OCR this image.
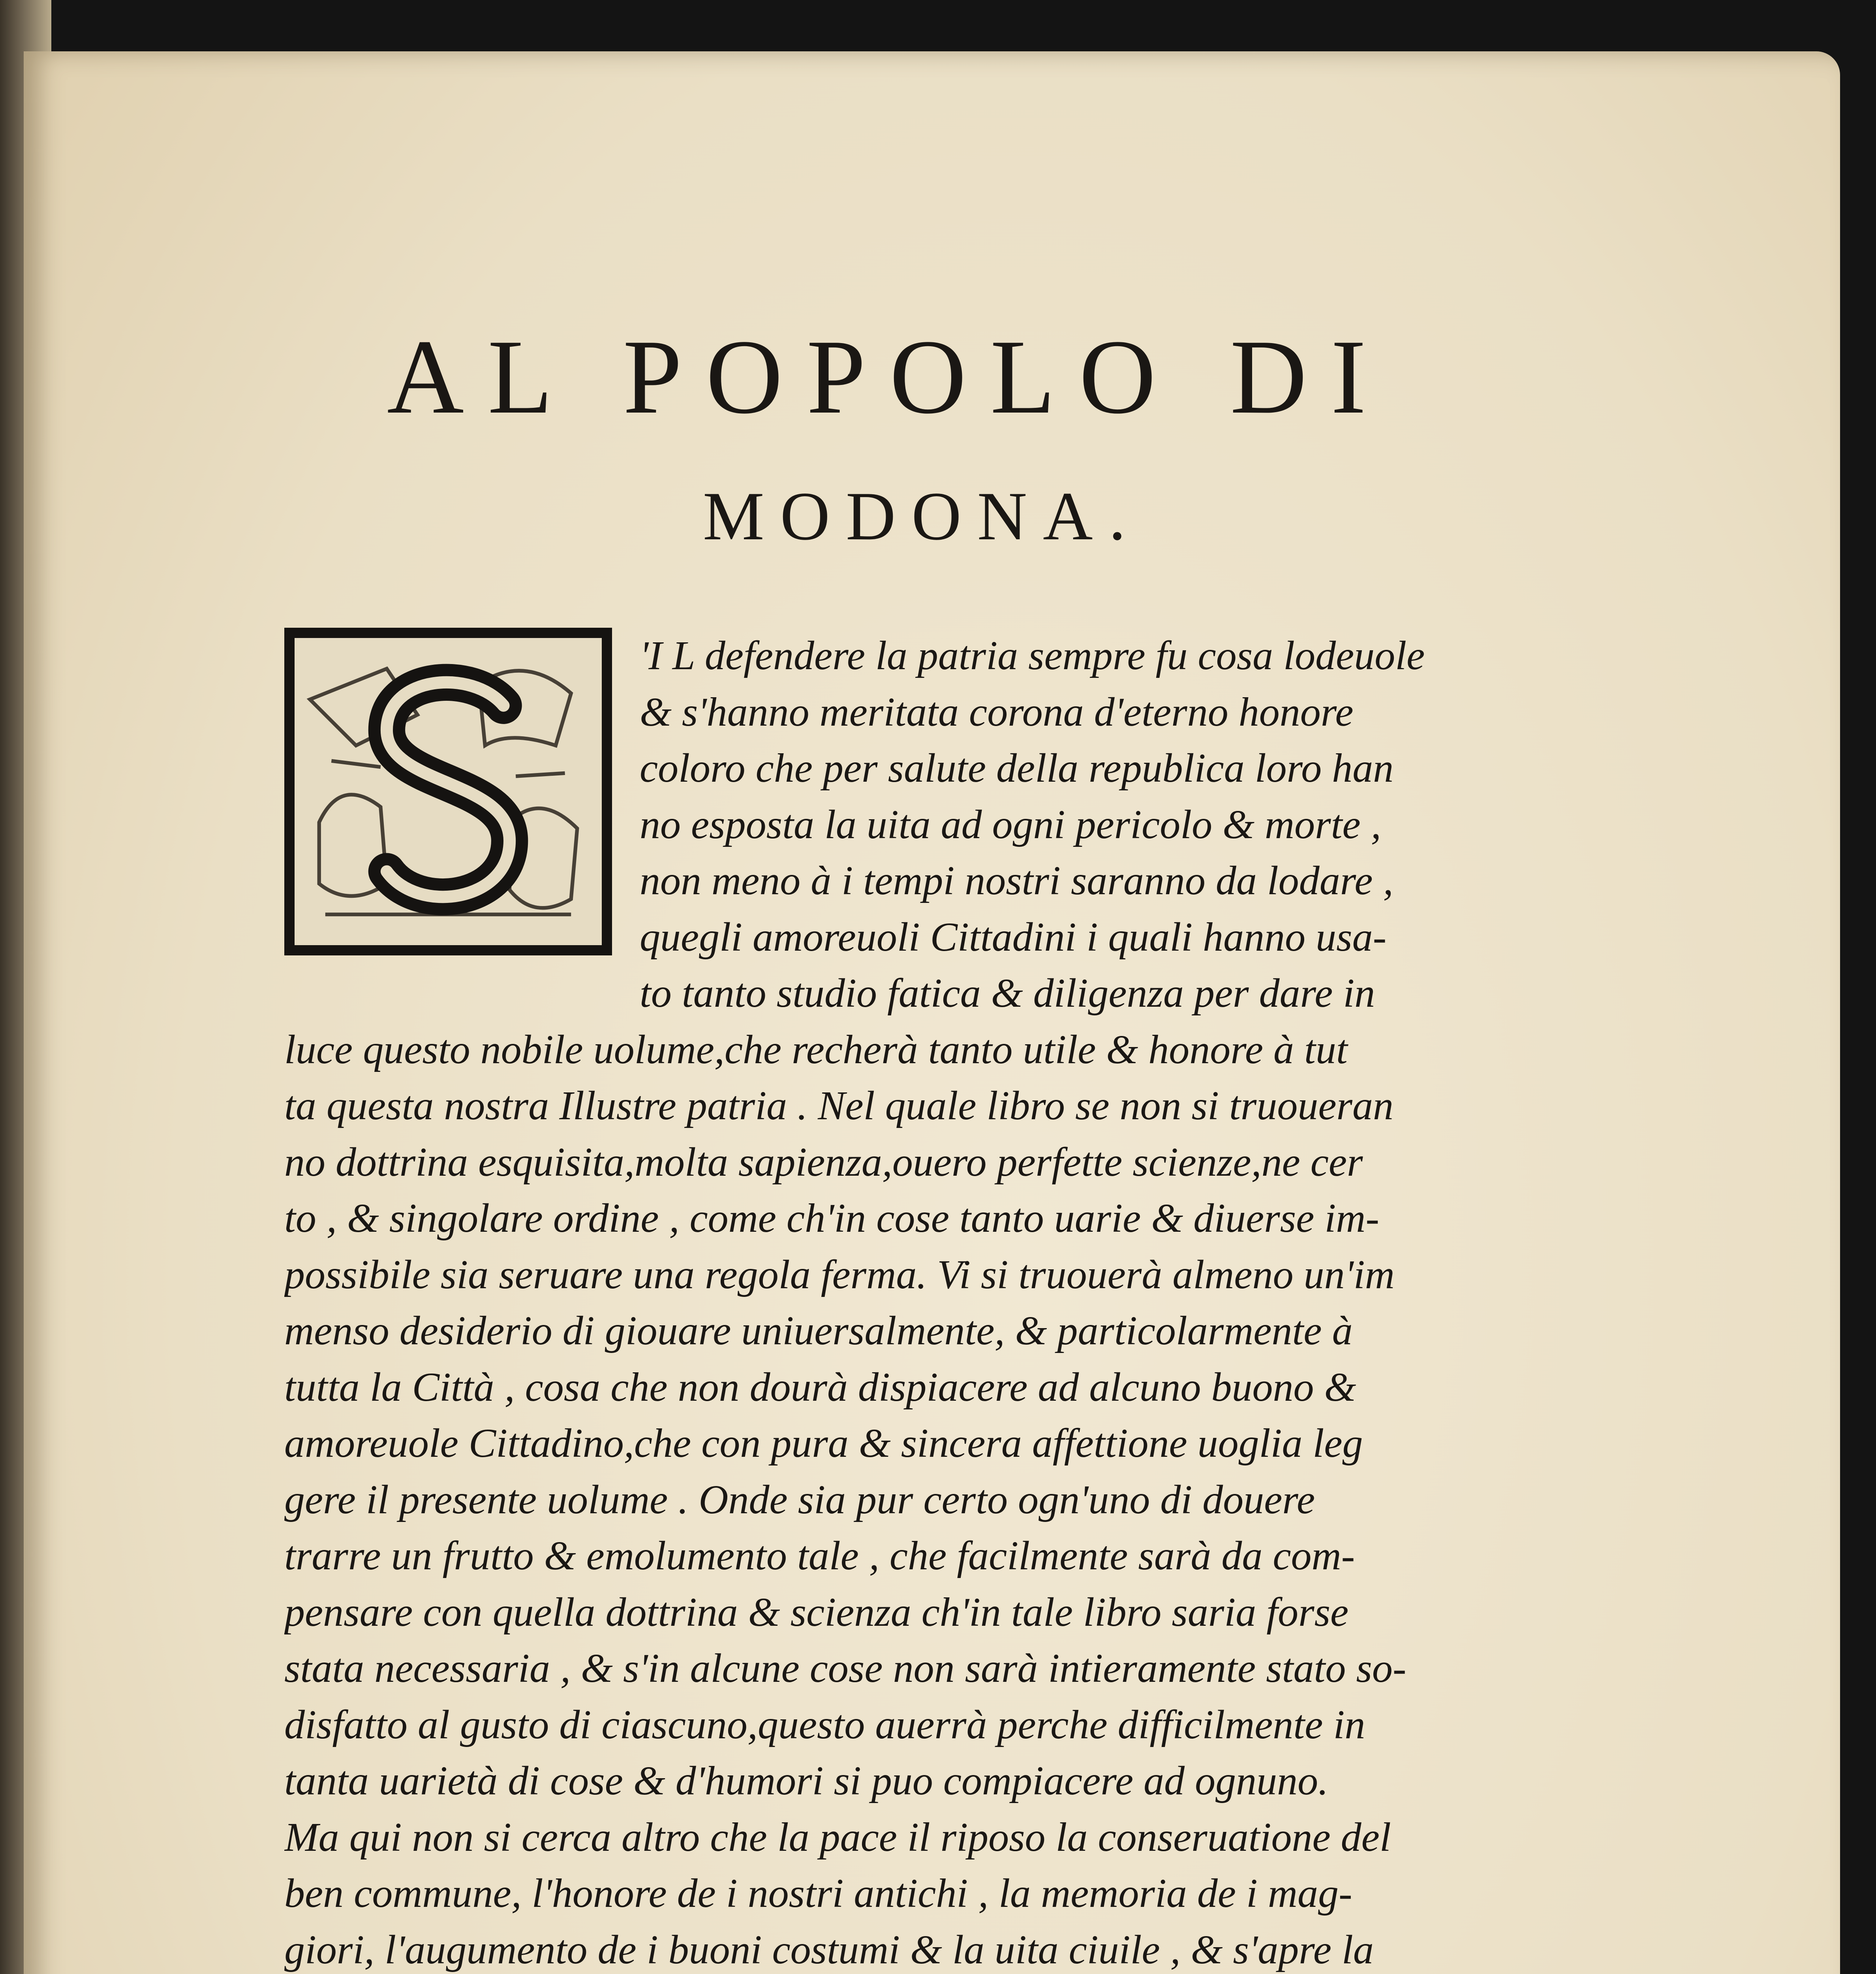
AL POPOLO DI
MODONA.
'I L defendere la patria sempre fu cosa lodeuole
& s'hanno meritata corona d'eterno honore
coloro che per salute della republica loro han
no esposta la uita ad ogni pericolo & morte ,
non meno à i tempi nostri saranno da lodare ,
quegli amoreuoli Cittadini i quali hanno usa-
to tanto studio fatica & diligenza per dare in
luce questo nobile uolume,che recherà tanto utile & honore à tut
ta questa nostra Illustre patria . Nel quale libro se non si truoueran
no dottrina esquisita,molta sapienza,ouero perfette scienze,ne cer
to , & singolare ordine , come ch'in cose tanto uarie & diuerse im-
possibile sia seruare una regola ferma. Vi si truouerà almeno un'im
menso desiderio di giouare uniuersalmente, & particolarmente à
tutta la Città , cosa che non dourà dispiacere ad alcuno buono &
amoreuole Cittadino,che con pura & sincera affettione uoglia leg
gere il presente uolume . Onde sia pur certo ogn'uno di douere
trarre un frutto & emolumento tale , che facilmente sarà da com-
pensare con quella dottrina & scienza ch'in tale libro saria forse
stata necessaria , & s'in alcune cose non sarà intieramente stato so-
disfatto al gusto di ciascuno,questo auerrà perche difficilmente in
tanta uarietà di cose & d'humori si puo compiacere ad ognuno.
Ma qui non si cerca altro che la pace il riposo la conseruatione del
ben commune, l'honore de i nostri antichi , la memoria de i mag-
giori, l'augumento de i buoni costumi & la uita ciuile , & s'apre la
